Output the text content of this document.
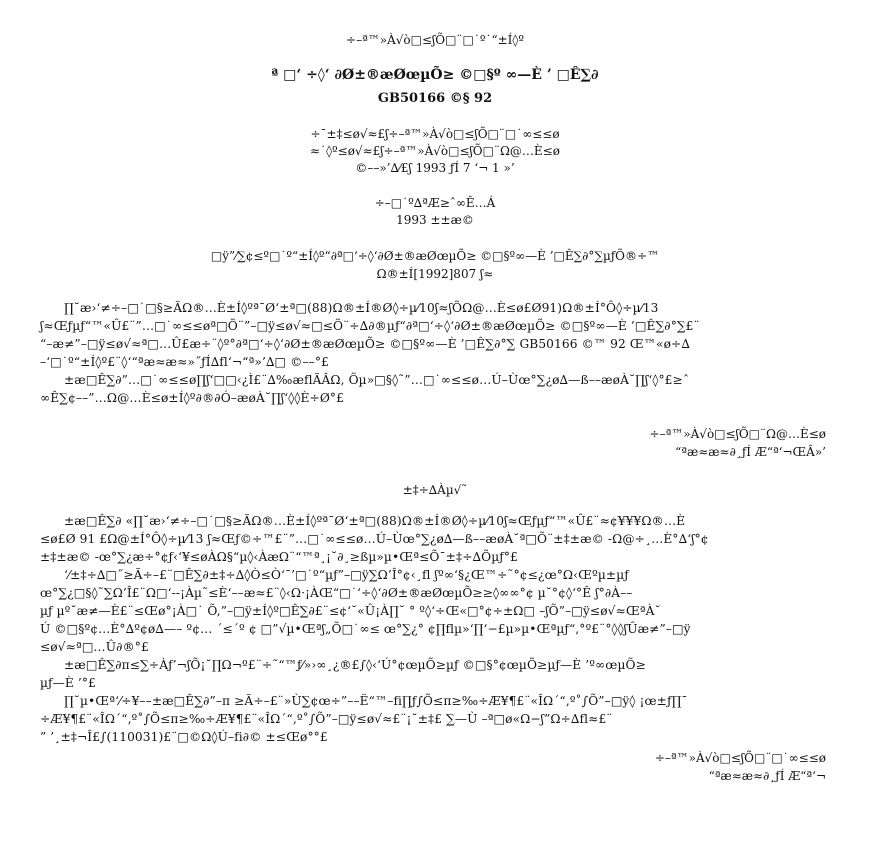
÷–ª™»À√ò□≤ʃÕ□¨□˙º˙“±Í◊º
ª □‘ ÷◊‘ ∂Ø±®æØœµÕ≥ ©□§º ∞—È ’ □Ê∑∂
GB50166 ©§ 92
÷¯±‡≤ø√≈£ʃ÷–ª™»À√ò□≤ʃÕ□¨□˙∞≤≤ø
≈˙◊º≤ø√≈£ʃ÷–ª™»À√ò□≤ʃÕ□¨Ω@…È≤ø
©––»’∆⁄£ʃ 1993 ƒÍ 7 ‘¬ 1 »’
÷–□˙º∆ªÆ≥ˆ∞Ê…Á
1993 ±±æ©
□ÿ”⁄∑¢≤º□˙º“±Í◊º“∂ª□‘÷◊‘∂Ø±®æØœµÕ≥ ©□§º∞—È ’□Ê∑∂°∑µƒÕ®÷™
Ω®±Í[1992]807 ʃ≈
∏˘æ›‘≠÷–□˙□§≥ÃΩ®…È±Í◊ºª¯Ø‘±ª□(88)Ω®±Í®Ø◊÷µ⁄10ʃ≈ʃÕΩ@…È≤ø£Ø91)Ω®±Í°Ô◊÷µ⁄13
ʃ≈Œƒµƒ“™«Û£¨”…□˙∞≤≤øª□Õ¨”–□ÿ≤ø√≈□≤Õ¨÷∆∂®µƒ“∂ª□‘÷◊‘∂Ø±®æØœµÕ≥ ©□§º∞—È ’□Ê∑∂°∑£¨
“–æ≠”–□ÿ≤ø√≈ª□…Û£æ÷¨◊º°∂ª□‘÷◊‘∂Ø±®æØœµÕ≥ ©□§º∞—È ’□Ê∑∂°∑ GB50166 ©™ 92 Œ™«ø÷∆
–‘□˙º“±Í◊º£¨◊‘“ªæ≈æ≈»˝ƒÍ∆fl‘¬“ª»’∆□ ©––°£
±æ□Ê∑∂”…□˙∞≤≤ø∏ʃ‘□□‹¿Ì£¨∆‰æflÃÂΩ, Õµ»□§◊˜”…□˙∞≤≤ø…Ú–Ùœ°∑¿ø∆—ß––æøÀ˘∏ʃ‘◊°£≥ˆ
∞Ê∑¢––”…Ω@…È≤ø±Í◊º∂®∂Ó–æøÀ˘∏ʃ‘◊◊È÷Ø°£
÷–ª™»À√ò□≤ʃÕ□¨Ω@…È≤ø
“ªæ≈æ≈∂¸ƒÍ Æ“ª‘¬ŒÂ»’
±‡÷∆Àµ√˜
±æ□Ê∑∂ «∏˘æ›‘≠÷–□˙□§≥ÃΩ®…È±Í◊ºª¯Ø‘±ª□(88)Ω®±Í®Ø◊÷µ⁄10ʃ≈Œƒµƒ“™«Û£¨≈¢¥¥¥Ω®…È
≤ø£Ø 91 £Ω@±Í°Ô◊÷µ⁄13 ʃ≈Œƒ©÷™£¨”…□˙∞≤≤ø…Ú–Ùœ°∑¿ø∆—ß––æøÀ˘ª□Õ¨±‡±æ© -Ω@÷¸…È°∆‘ʃ°¢
±‡±æ© -œ°∑¿æ÷°¢ƒ‹‘¥≤øÀΩ§“µ◊‹ÀæΩ¨“™ª¸¡˘∂¸≥ßµ»µ•Œª≤Õ¯±‡÷∆Õµƒ°£
‘⁄±‡÷∆□˝≥Ã÷–£¨□Ê∑∂±‡÷∆◊Ò≤Ò‘¯’□˙º“µƒ”–□ÿ∑Ω’Î°¢‹¸fl ʃº∞‘§¿Œ™÷˜°¢≤¿œ°Ω‹Œºµ±µƒ
œ°∑¿□§◊˜∑Ω’Î£¨Ω□‘--¡Àµ˜≤È‘––æ≈£¨◊‹Ω·¡ÀŒ“□˙‘÷◊‘∂Ø±®æØœµÕ≥≥◊∞∞°¢ µ˘°¢◊‘°Ê ʃ°∂À––
µƒ µº˘æ≠—È£¨≤Œø°¡À□˙ Õ,”–□ÿ±Í◊º□Ê∑∂£¨≤¢‘˘«Û¡À∏˘ ° º◊‘÷Œ«□°¢÷±Ω□ –ʃÕ”–□ÿ≤ø√≈ŒªÀ˘
Ú ©□§º¢…È°∆º¢ø∆—– º¢… ´≤´º ¢ □”√µ•Œªʃ„Õ□˙∞≤ œ°∑¿° ¢∏flµ»‘∏‘−£µ»µ•Œªµƒ“,°º£¨°◊◊ʃÛæ≠”–□ÿ
≤ø√≈ª□…Û∂®°£
±æ□Ê∑∂π≤∑÷Àƒ’¬ʃÕ¡˘∏Ω¬º£¨÷˜“™ƒ⁄»›∞¸¿®£∫◊‹‘Ú°¢œµÕ≥µƒ ©□§°¢œµÕ≥µƒ—È ’º∞œµÕ≥
µƒ—È ’°£
∏˘µ•Œª‘⁄÷¥––±æ□Ê∑∂”–π ≥Ã÷–£¨»Ù∑¢œ÷”––Ë“™–fi∏ƒ∫Õ≤π≥‰÷Æ¥¶£¨«ÎΩ´“‚º˚∫Õ”–□ÿ◊ ¡œ±ƒ∏¯
÷Æ¥¶£¨«ÎΩ´“‚º˚∫Õ≤π≥‰÷Æ¥¶£¨«ÎΩ´“‚º˚∫Õ”–□ÿ≤ø√≈£¨¡˘±‡£ ∑—Ù –ª□ø«Ω−ʃ”Ω÷∆fl≈£¨
” ’¸±‡¬Î£∫(110031)£¨□©Ω◊Ú–fi∂© ±≤Œø°°£
÷–ª™»À√ò□≤ʃÕ□¨□˙∞≤≤ø
“ªæ≈æ≈∂¸ƒÍ Æ“ª‘¬
